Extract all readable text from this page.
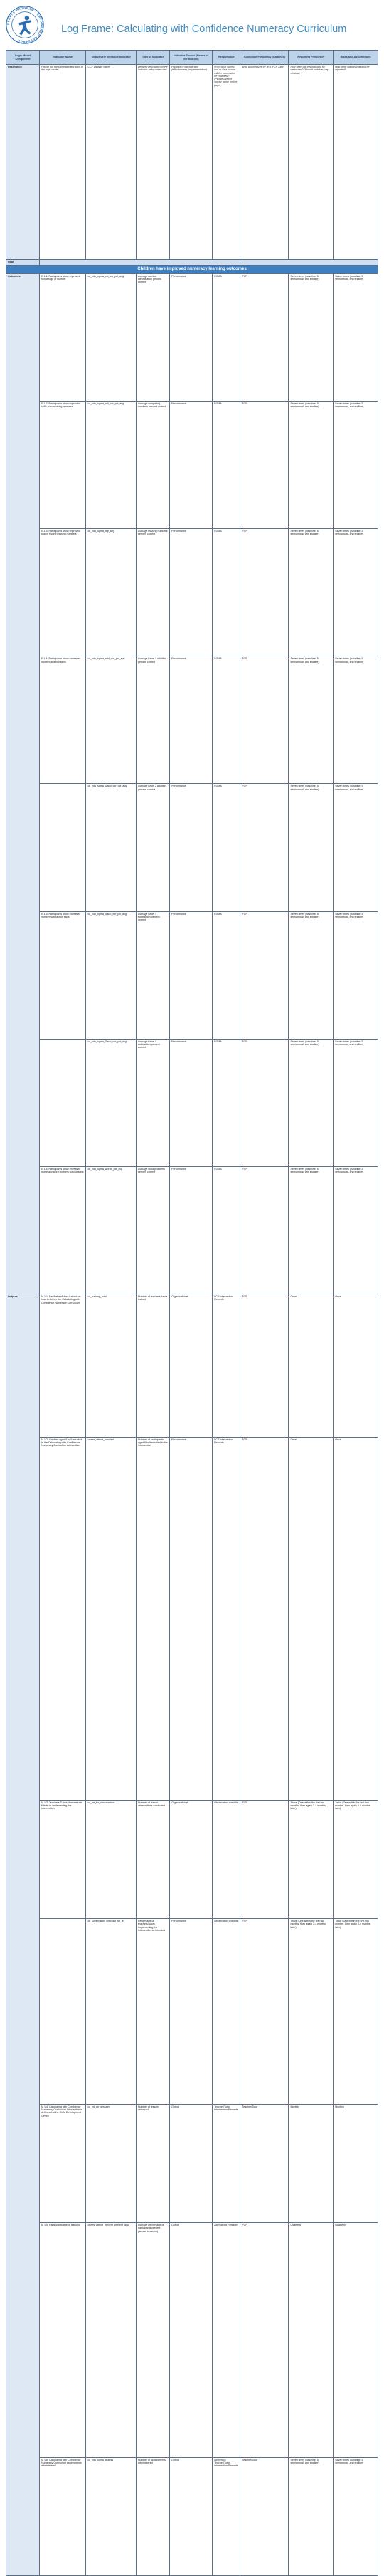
GLOBAL PROGRAM · EMPOWERED RESEARCH
Log Frame: Calculating with Confidence Numeracy Curriculum
Logic Model Component	Indicator Name	Objectively Verifiable Indicator	Type of Indicator	Indicator Source (Means of Verification)	Responsible	Collection Frequency (Cadence)	Reporting Frequency	Risks and Assumptions	
Description	Please put the same wording as is in the logic model	CCF variable name	Detailed description of the indicator being measured	Purpose of the indicator (effectiveness, implementation)	From what survey tool or data source will the information be collected? (Please use the survey name (or the page)	Who will measure it? (e.g. FCP, tutor)	How often will this indicator be measured? (Should match survey window)	How often will this indicator be reported?	
Goal									
Children have improved numeracy learning outcomes									
Outcomes	E 1.1: Participants show improved knowledge of number	cc_edu_sgma_nkl_cor_pct_avg	Average number identification percent correct	Performance	EGMA	FCP	Seven times (baseline, 5 semiannual, and endline)	Seven times (baseline, 5 semiannual, and endline)	
	E 1.2: Participants show improved skills in comparing numbers	cc_edu_sgma_ndi_cor_pct_avg	Average comparing numbers percent correct	Performance	EGMA	FCP	Seven times (baseline, 5 semiannual, and endline)	Seven times (baseline, 5 semiannual, and endline)	
	E 1.3: Participants show improved skill in finding missing numbers	cc_edu_sgma_mp_avg	Average missing numbers percent correct	Performance	EGMA	FCP	Seven times (baseline, 5 semiannual, and endline)	Seven times (baseline, 5 semiannual, and endline)	
	E 1.4: Participants show increased number addition skills	cc_edu_sgma_add_cor_pct_avg	Average Level 1 addition percent correct	Performance	EGMA	FCP	Seven times (baseline, 5 semiannual, and endline)	Seven times (baseline, 5 semiannual, and endline)	
		cc_edu_sgma_l2add_cor_pct_avg	Average Level 2 addition percent correct	Performance	EGMA	FCP	Seven times (baseline, 5 semiannual, and endline)	Seven times (baseline, 5 semiannual, and endline)	
	E 1.5: Participants show increased number subtraction skills	cc_edu_sgma_l1sub_cor_pct_avg	Average Level 1 subtraction percent correct	Performance	EGMA	FCP	Seven times (baseline, 5 semiannual, and endline)	Seven times (baseline, 5 semiannual, and endline)	
		cc_edu_sgma_l2sub_cor_pct_avg	Average Level 2 subtraction percent correct	Performance	EGMA	FCP	Seven times (baseline, 5 semiannual, and endline)	Seven times (baseline, 5 semiannual, and endline)	
	E 1.6: Participants show increased numeracy word problem solving skills	cc_edu_sgma_wprob_pct_avg	Average word problems percent correct	Performance	EGMA	FCP	Seven times (baseline, 5 semiannual, and endline)	Seven times (baseline, 5 semiannual, and endline)	
Outputs	M 1.1: Facilitators/tutors trained on how to deliver the Calculating with Confidence Numeracy Curriculum	cc_training_total	Number of teachers/tutors trained	Organizational	FCP Intervention Records	FCP	Once	Once	
	M 1.2: Children aged 6 to 9 enrolled in the Calculating with Confidence Numeracy Curriculum intervention	cnees_attend_enrolled	Number of participants aged 6 to 9 enrolled in the intervention	Performance	FCP Intervention Records	FCP	Once	Once	
	M 1.3: Teachers/Tutors demonstrate fidelity in implementing the intervention	cc_ed_tcr_observations	Number of lesson observations conducted	Organizational	Observation checklist	FCP	Twice (One within the first two months, then again 3-4 months later)	Twice (One within the first two months, then again 3-4 months later)	
		cc_supervision_checklist_fid_fe	Percentage of teachers/tutors implementing the intervention as intended	Performance	Observation checklist	FCP	Twice (One within the first two months, then again 3-4 months later)	Twice (One within the first two months, then again 3-4 months later)	
	M 1.4: Calculating with Confidence Numeracy Curriculum intervention is delivered at the Child Development Centre	cc_ed_crr_sessions	Number of lessons delivered	Output	Teacher/Tutor Intervention Records	Teacher/Tutor	Monthly	Monthly	
	M 1.5: Participants attend lessons	cnees_attend_percent_present_avg	Average percentage of participants present (across sessions)	Output	Attendance Register	FCP	Quarterly	Quarterly	
	M 1.6: Calculating with Confidence Numeracy Curriculum assessments administered	cc_edu_sgma_assess	Number of assessments administered	Output	Numeracy Teacher/Tutor Intervention Records	Teacher/Tutor	Seven times (baseline, 5 semiannual, and endline)	Seven times (baseline, 5 semiannual, and endline)	
